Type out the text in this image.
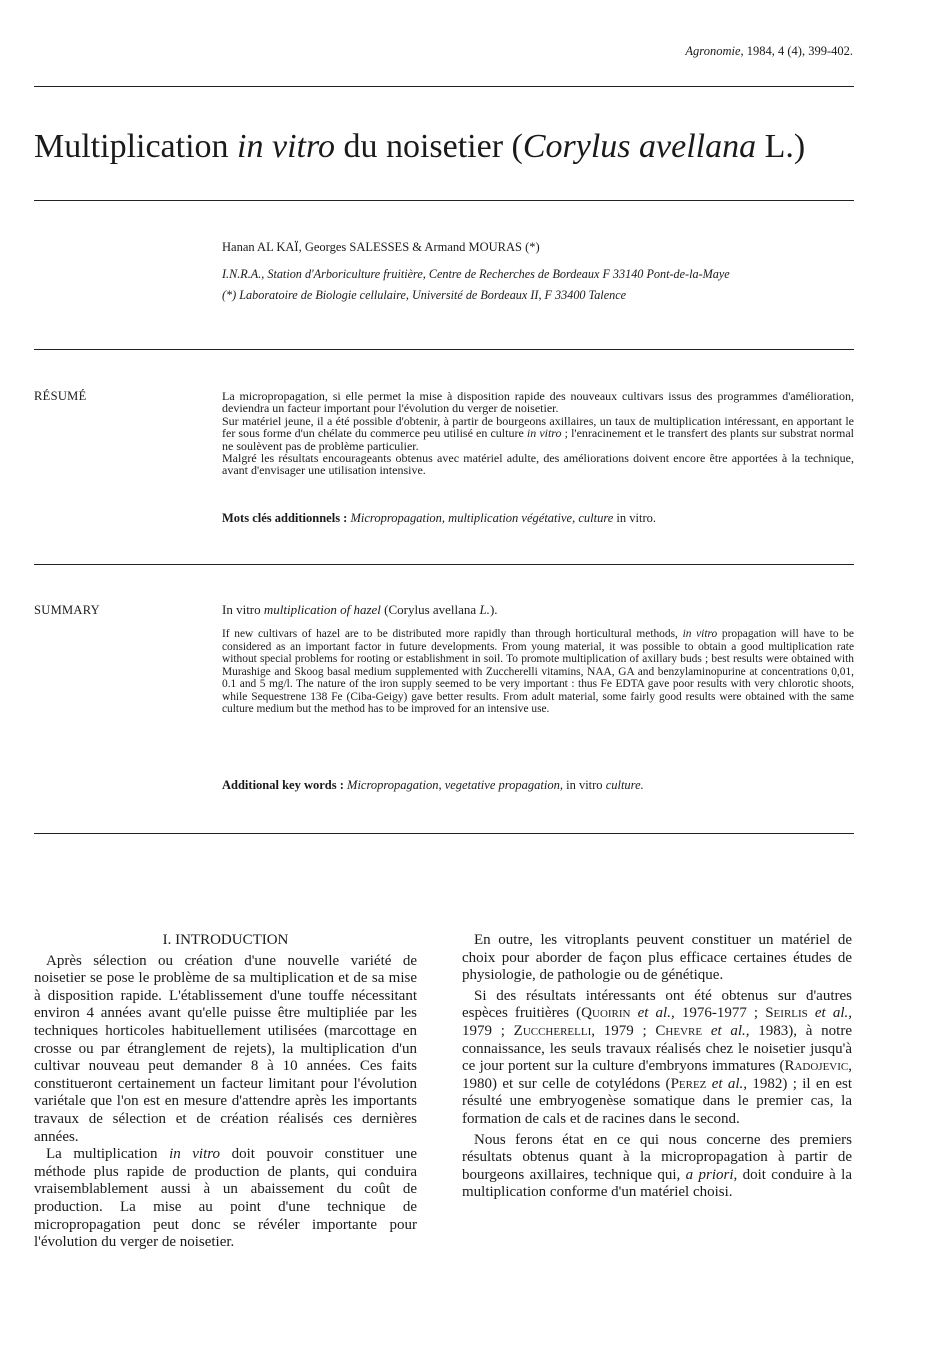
Agronomie, 1984, 4 (4), 399-402.
Multiplication in vitro du noisetier (Corylus avellana L.)
Hanan AL KAÏ, Georges SALESSES & Armand MOURAS (*)
I.N.R.A., Station d'Arboriculture fruitière, Centre de Recherches de Bordeaux F 33140 Pont-de-la-Maye
(*) Laboratoire de Biologie cellulaire, Université de Bordeaux II, F 33400 Talence
RÉSUMÉ	La micropropagation, si elle permet la mise à disposition rapide des nouveaux cultivars issus des programmes d'amélioration, deviendra un facteur important pour l'évolution du verger de noisetier.

Sur matériel jeune, il a été possible d'obtenir, à partir de bourgeons axillaires, un taux de multiplication intéressant, en apportant le fer sous forme d'un chélate du commerce peu utilisé en culture in vitro ; l'enracinement et le transfert des plants sur substrat normal ne soulèvent pas de problème particulier.

Malgré les résultats encourageants obtenus avec matériel adulte, des améliorations doivent encore être apportées à la technique, avant d'envisager une utilisation intensive.

Mots clés additionnels : Micropropagation, multiplication végétative, culture in vitro.
SUMMARY	In vitro multiplication of hazel (Corylus avellana L.).
If new cultivars of hazel are to be distributed more rapidly than through horticultural methods, in vitro propagation will have to be considered as an important factor in future developments. From young material, it was possible to obtain a good multiplication rate without special problems for rooting or establishment in soil. To promote multiplication of axillary buds ; best results were obtained with Murashige and Skoog basal medium supplemented with Zuccherelli vitamins, NAA, GA and benzylaminopurine at concentrations 0,01, 0.1 and 5 mg/l. The nature of the iron supply seemed to be very important : thus Fe EDTA gave poor results with very chlorotic shoots, while Sequestrene 138 Fe (Ciba-Geigy) gave better results. From adult material, some fairly good results were obtained with the same culture medium but the method has to be improved for an intensive use.
Additional key words : Micropropagation, vegetative propagation, in vitro culture.

I. INTRODUCTION

Après sélection ou création d'une nouvelle variété de noisetier se pose le problème de sa multiplication et de sa mise à disposition rapide. L'établissement d'une touffe nécessitant environ 4 années avant qu'elle puisse être multipliée par les techniques horticoles habituellement utilisées (marcottage en crosse ou par étranglement de rejets), la multiplication d'un cultivar nouveau peut demander 8 à 10 années. Ces faits constitueront certainement un facteur limitant pour l'évolution variétale que l'on est en mesure d'attendre après les importants travaux de sélection et de création réalisés ces dernières années.

La multiplication in vitro doit pouvoir constituer une méthode plus rapide de production de plants, qui conduira vraisemblablement aussi à un abaissement du coût de production. La mise au point d'une technique de micropropagation peut donc se révéler importante pour l'évolution du verger de noisetier.

En outre, les vitroplants peuvent constituer un matériel de choix pour aborder de façon plus efficace certaines études de physiologie, de pathologie ou de génétique.

Si des résultats intéressants ont été obtenus sur d'autres espèces fruitières (Quoirin et al., 1976-1977 ; Seirlis et al., 1979 ; Zuccherelli, 1979 ; Chevre et al., 1983), à notre connaissance, les seuls travaux réalisés chez le noisetier jusqu'à ce jour portent sur la culture d'embryons immatures (Radojevic, 1980) et sur celle de cotylédons (Perez et al., 1982) ; il en est résulté une embryogenèse somatique dans le premier cas, la formation de cals et de racines dans le second.

Nous ferons état en ce qui nous concerne des premiers résultats obtenus quant à la micropropagation à partir de bourgeons axillaires, technique qui, a priori, doit conduire à la multiplication conforme d'un matériel choisi.
